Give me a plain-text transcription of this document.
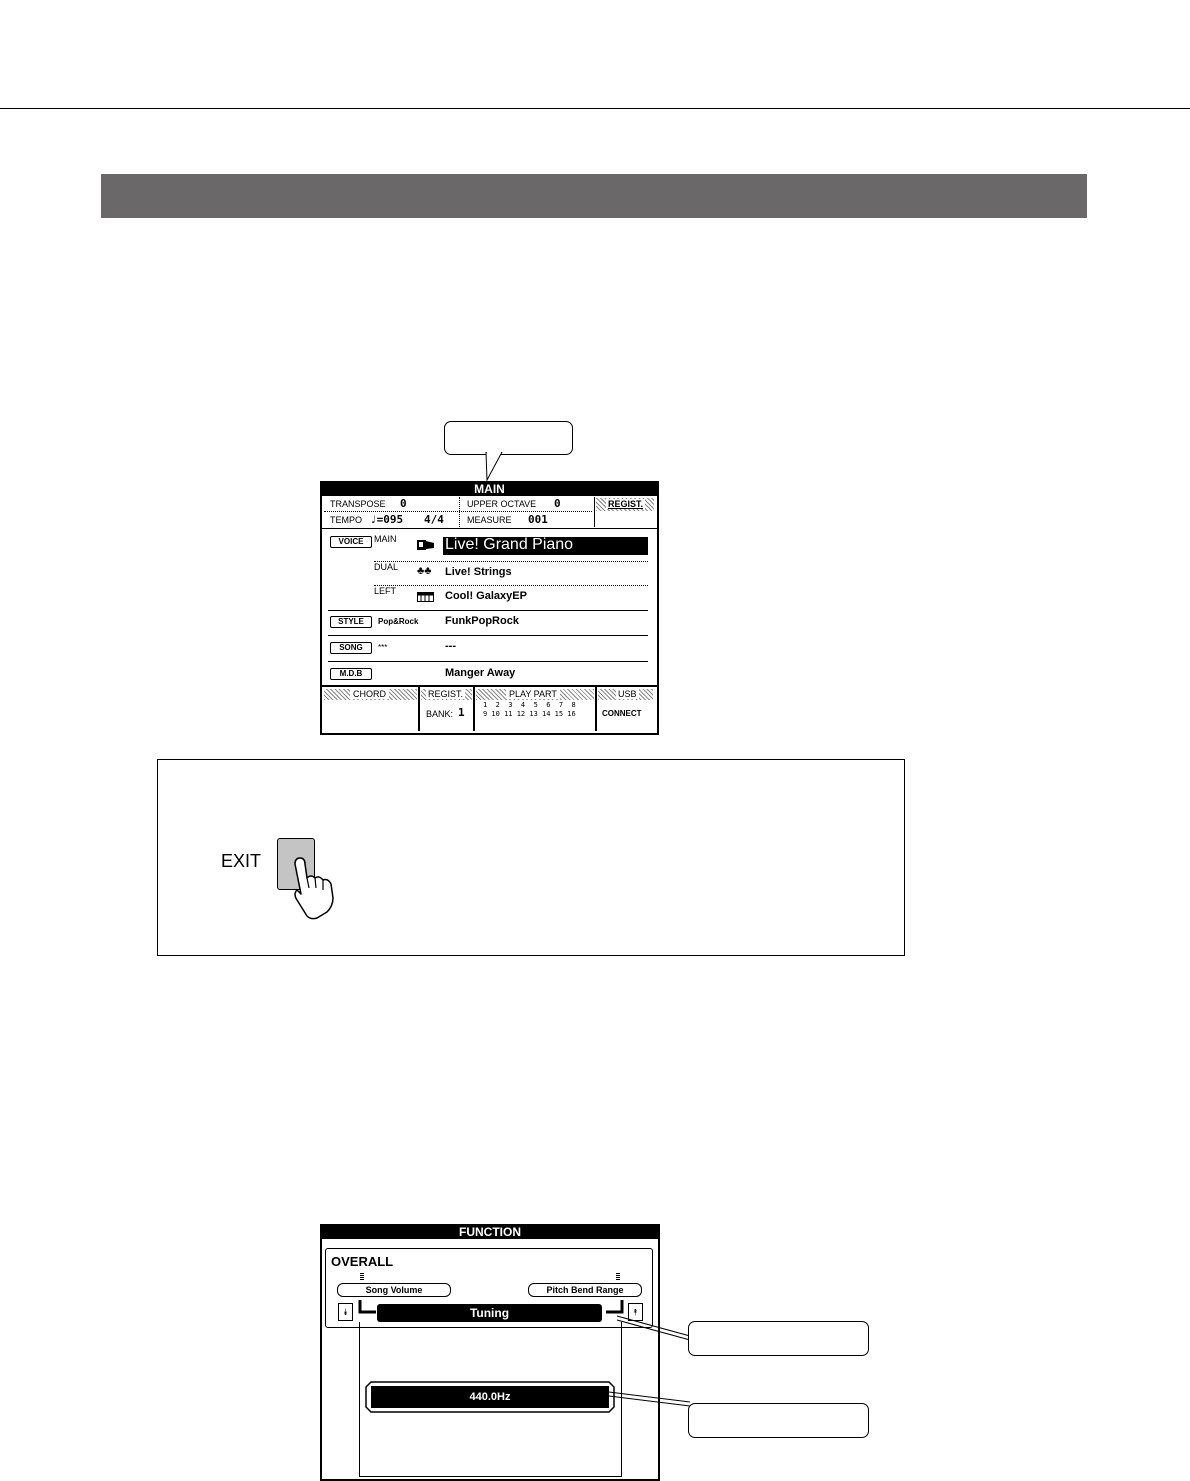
MAIN
TRANSPOSE 0	UPPER OCTAVE 0	REGIST.
TEMPO ♩=095 4/4	MEASURE 001
VOICE	MAIN	Live! Grand Piano
DUAL ♣♣ Live! Strings
LEFT	Cool! GalaxyEP
STYLE	Pop&Rock FunkPopRock
SONG	***	---
M.D.B	Manger Away
CHORD	REGIST.
BANK: 1
PLAY PART
1  2  3  4  5  6  7  8
9 10 11 12 13 14 15 16
USB
CONNECT
EXIT
FUNCTION
OVERALL
Song Volume	Pitch Bend Range
⯯	⯭
Tuning
440.0Hz
